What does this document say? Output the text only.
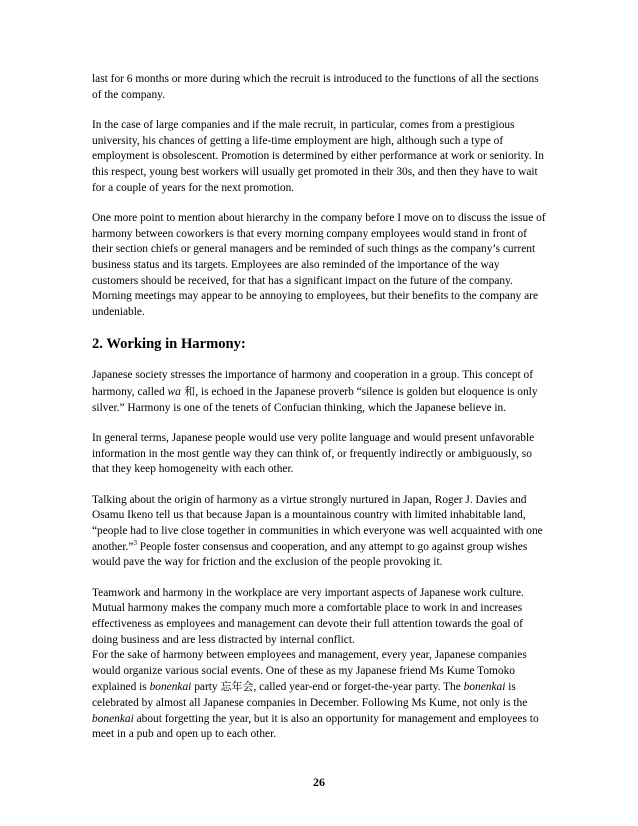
last for 6 months or more during which the recruit is introduced to the functions of all the sections of the company.

In the case of large companies and if the male recruit, in particular, comes from a prestigious university, his chances of getting a life-time employment are high, although such a type of employment is obsolescent. Promotion is determined by either performance at work or seniority. In this respect, young best workers will usually get promoted in their 30s, and then they have to wait for a couple of years for the next promotion.

One more point to mention about hierarchy in the company before I move on to discuss the issue of harmony between coworkers is that every morning company employees would stand in front of their section chiefs or general managers and be reminded of such things as the company’s current business status and its targets. Employees are also reminded of the importance of the way customers should be received, for that has a significant impact on the future of the company. Morning meetings may appear to be annoying to employees, but their benefits to the company are undeniable.

2. Working in Harmony:

Japanese society stresses the importance of harmony and cooperation in a group. This concept of harmony, called wa 和, is echoed in the Japanese proverb “silence is golden but eloquence is only silver.” Harmony is one of the tenets of Confucian thinking, which the Japanese believe in.

In general terms, Japanese people would use very polite language and would present unfavorable information in the most gentle way they can think of, or frequently indirectly or ambiguously, so that they keep homogeneity with each other.

Talking about the origin of harmony as a virtue strongly nurtured in Japan, Roger J. Davies and Osamu Ikeno tell us that because Japan is a mountainous country with limited inhabitable land, “people had to live close together in communities in which everyone was well acquainted with one another.”$^3$ People foster consensus and cooperation, and any attempt to go against group wishes would pave the way for friction and the exclusion of the people provoking it.

Teamwork and harmony in the workplace are very important aspects of Japanese work culture. Mutual harmony makes the company much more a comfortable place to work in and increases effectiveness as employees and management can devote their full attention towards the goal of doing business and are less distracted by internal conflict.

For the sake of harmony between employees and management, every year, Japanese companies would organize various social events. One of these as my Japanese friend Ms Kume Tomoko explained is bonenkai party 忘年会, called year-end or forget-the-year party. The bonenkai is celebrated by almost all Japanese companies in December. Following Ms Kume, not only is the bonenkai about forgetting the year, but it is also an opportunity for management and employees to meet in a pub and open up to each other.

26
